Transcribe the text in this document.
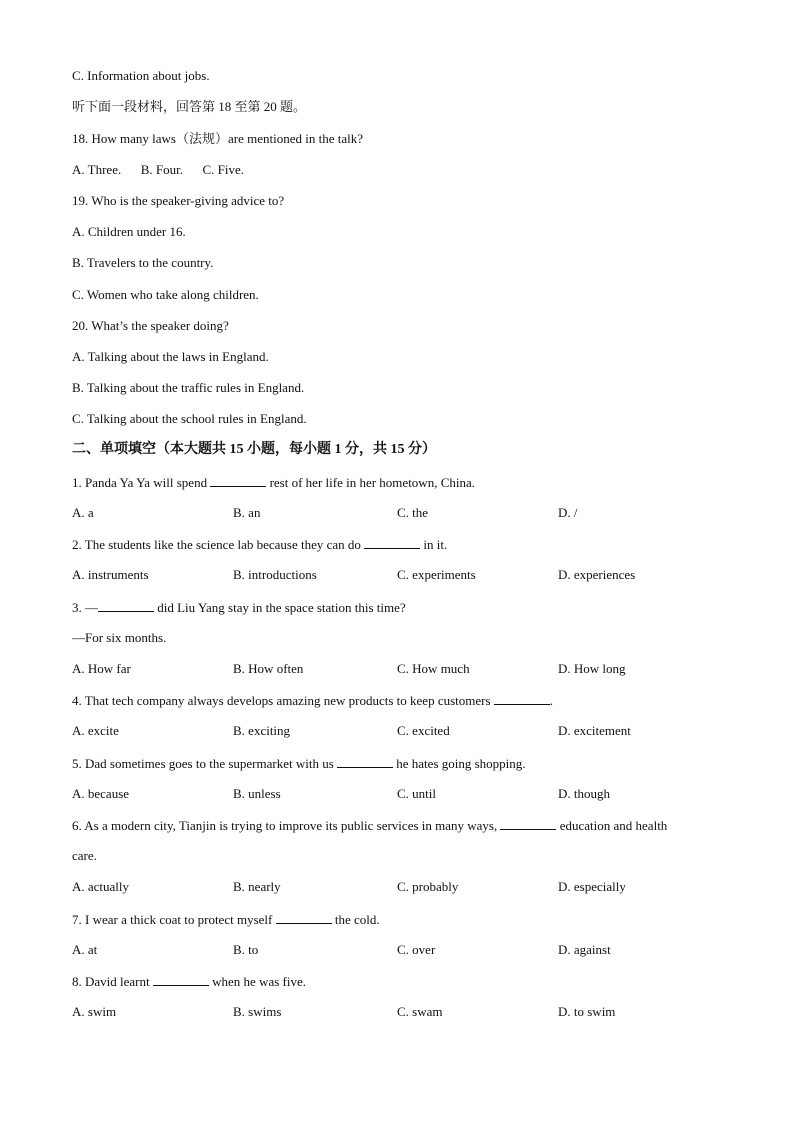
C. Information about jobs.
听下面一段材料，回答第 18 至第 20 题。
18. How many laws（法规）are mentioned in the talk?
A. Three.      B. Four.      C. Five.
19. Who is the speaker-giving advice to?
A. Children under 16.
B. Travelers to the country.
C. Women who take along children.
20. What’s the speaker doing?
A. Talking about the laws in England.
B. Talking about the traffic rules in England.
C. Talking about the school rules in England.
二、单项填空（本大题共 15 小题，每小题 1 分，共 15 分）
1. Panda Ya Ya will spend	rest of her life in her hometown, China.
A. a	B. an	C. the	D. /
2. The students like the science lab because they can do	in it.
A. instruments	B. introductions	C. experiments	D. experiences
3. —	did Liu Yang stay in the space station this time?
—For six months.
A. How far	B. How often	C. How much	D. How long
4. That tech company always develops amazing new products to keep customers	.
A. excite	B. exciting	C. excited	D. excitement
5. Dad sometimes goes to the supermarket with us	he hates going shopping.
A. because	B. unless	C. until	D. though
6. As a modern city, Tianjin is trying to improve its public services in many ways,	education and health
care.
A. actually	B. nearly	C. probably	D. especially
7. I wear a thick coat to protect myself	the cold.
A. at	B. to	C. over	D. against
8. David learnt	when he was five.
A. swim	B. swims	C. swam	D. to swim
